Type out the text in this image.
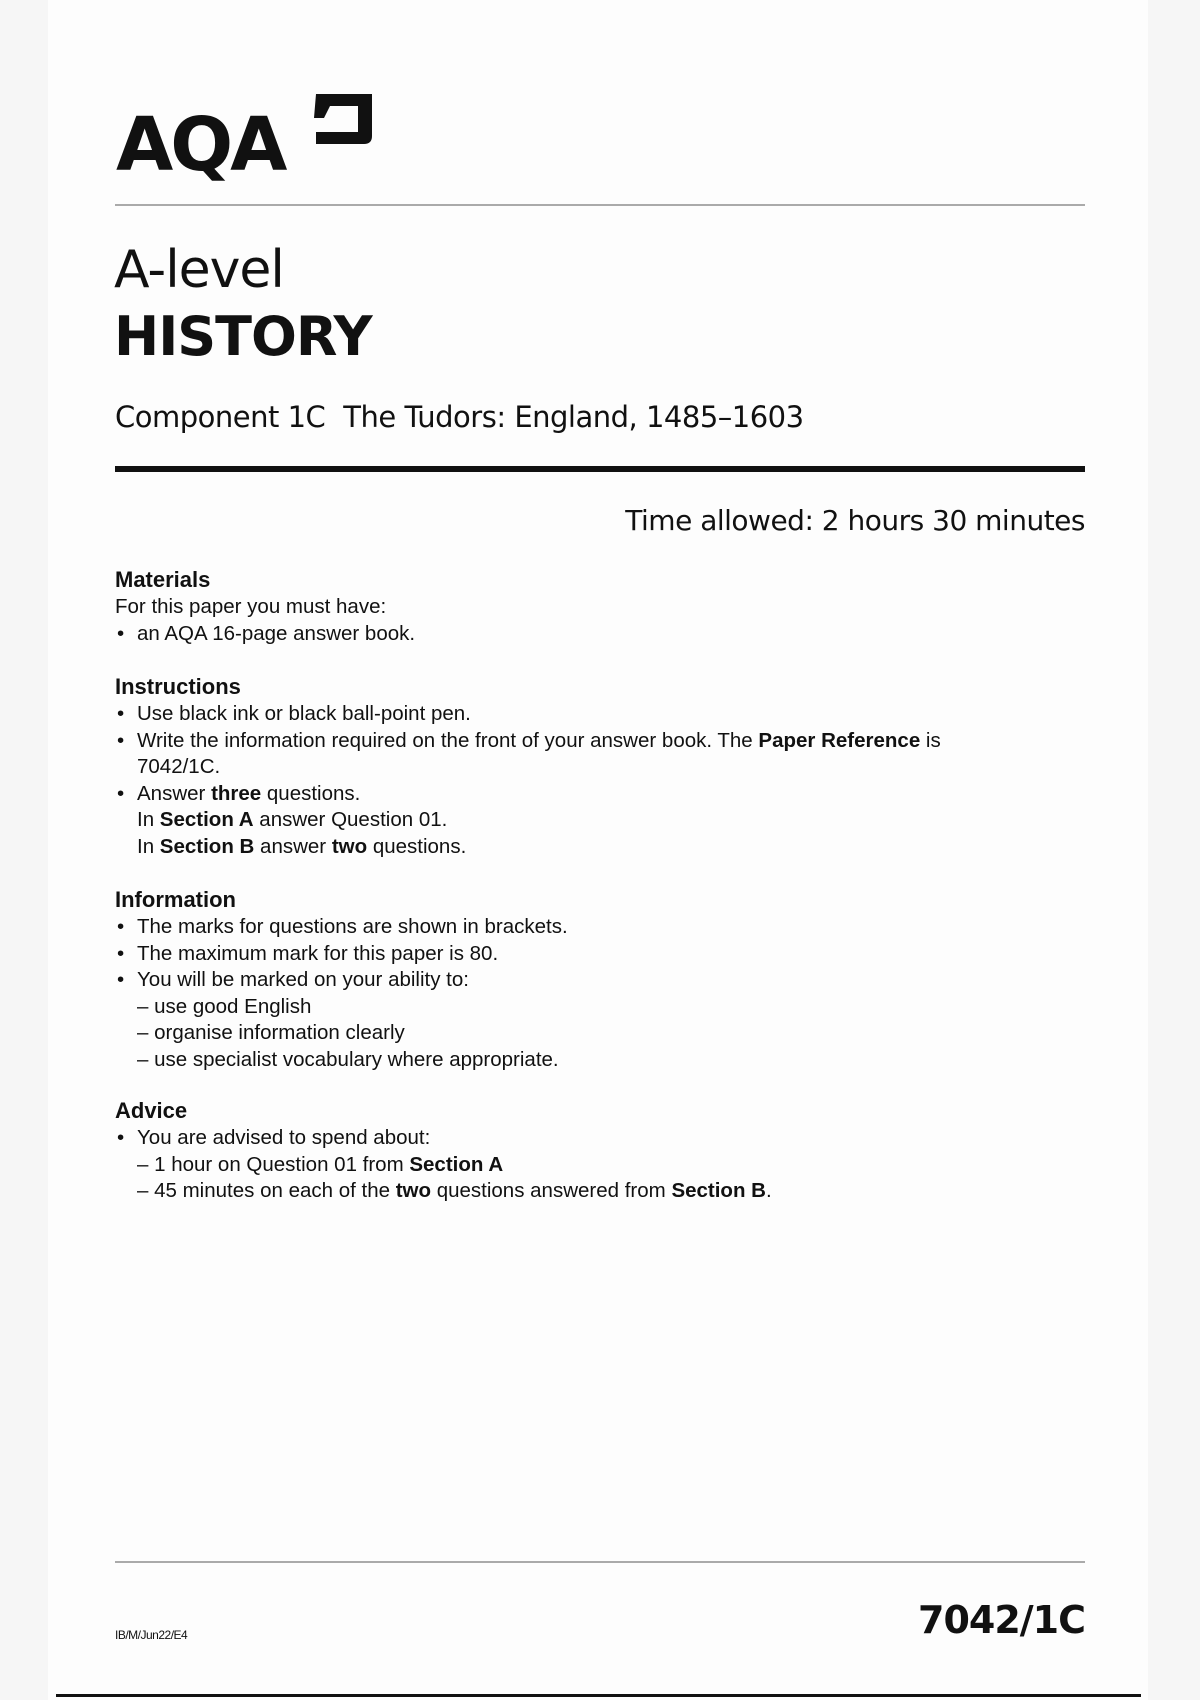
AQA
A-level
HISTORY
Component 1C The Tudors: England, 1485–1603
Time allowed: 2 hours 30 minutes
Materials

For this paper you must have:

• an AQA 16-page answer book.

Instructions

• Use black ink or black ball-point pen.

• Write the information required on the front of your answer book. The Paper Reference is
7042/1C.

• Answer three questions.

In Section A answer Question 01.

In Section B answer two questions.

Information

• The marks for questions are shown in brackets.

• The maximum mark for this paper is 80.

• You will be marked on your ability to:

– use good English

– organise information clearly

– use specialist vocabulary where appropriate.

Advice

• You are advised to spend about:

– 1 hour on Question 01 from Section A

– 45 minutes on each of the two questions answered from Section B.

IB/M/Jun22/E4	7042/1C
